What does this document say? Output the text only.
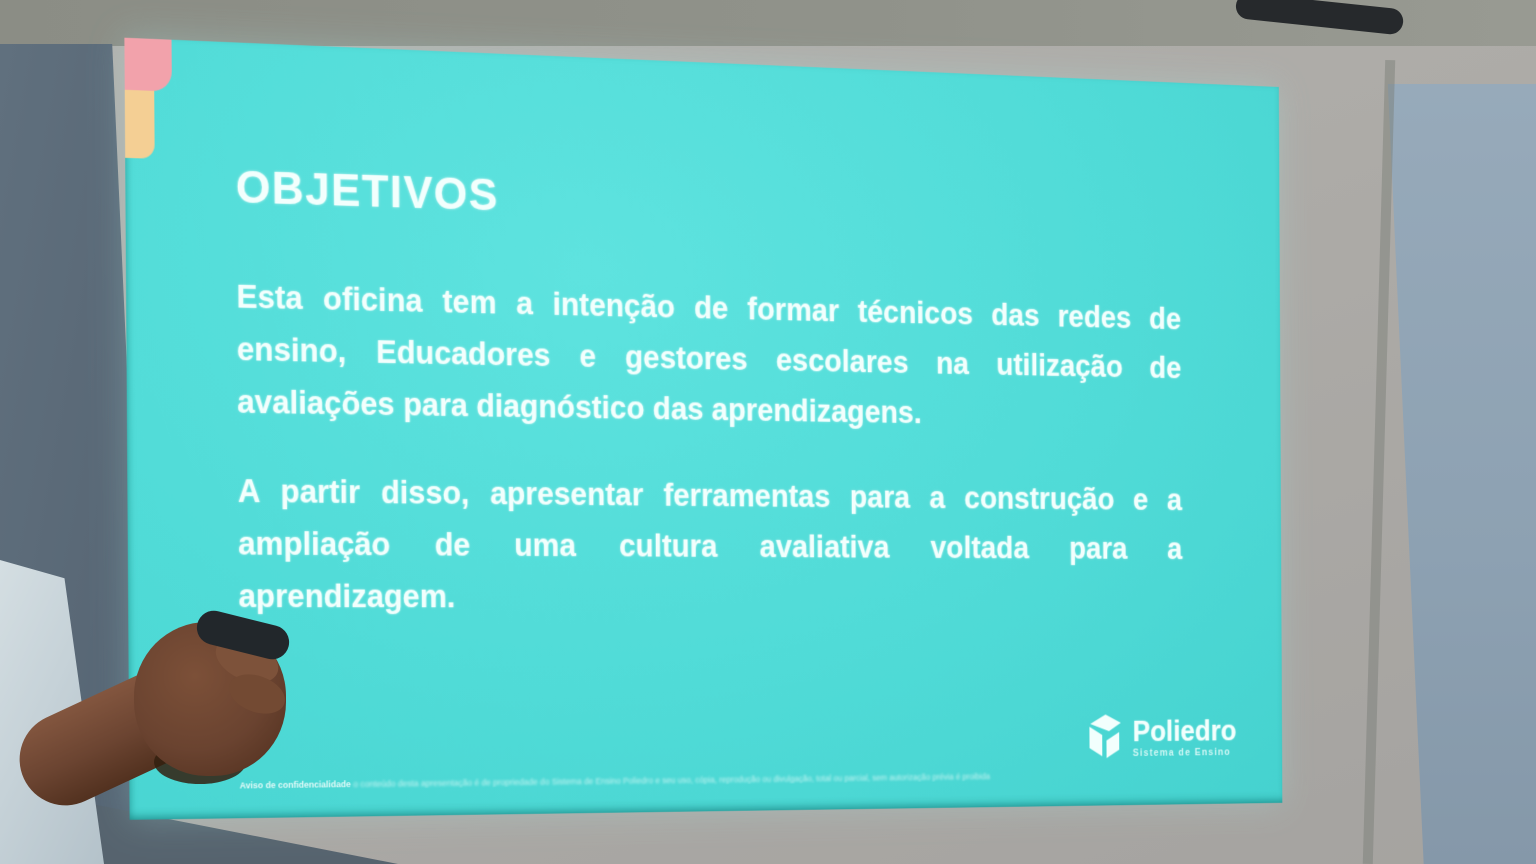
OBJETIVOS
Esta oficina tem a intenção de formar técnicos das redes de
ensino, Educadores e gestores escolares na utilização de
avaliações para diagnóstico das aprendizagens.
A partir disso, apresentar ferramentas para a construção e a
ampliação de uma cultura avaliativa voltada para a
aprendizagem.
Poliedro
Sistema de Ensino
Aviso de confidencialidade o conteúdo desta apresentação é de propriedade do Sistema de Ensino Poliedro e seu uso, cópia, reprodução ou divulgação, total ou parcial, sem autorização prévia é proibida
